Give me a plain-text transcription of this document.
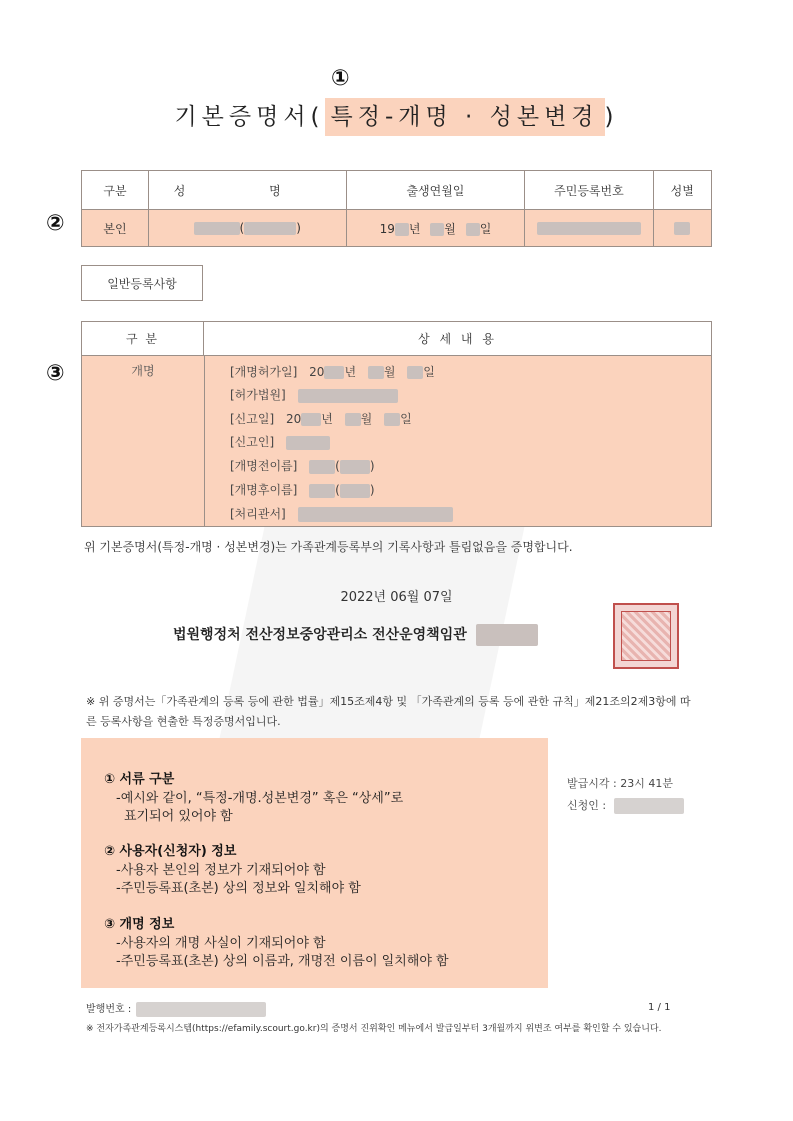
①
기본증명서( 특정-개명 · 성본변경 )
②
구분	성 명	출생연월일	주민등록번호	성별
본인	( )	19 년 월 일		
일반등록사항
③
구 분	상 세 내 용
개명	[개명허가일] 20 년 월 일
[허가법원]
[신고일] 20 년 월 일
[신고인]
[개명전이름]	(	)
[개명후이름]	(	)
[처리관서]
위 기본증명서(특정-개명 · 성본변경)는 가족관계등록부의 기록사항과 틀림없음을 증명합니다.
2022년 06월 07일
법원행정처 전산정보중앙관리소 전산운영책임관
※ 위 증명서는「가족관계의 등록 등에 관한 법률」제15조제4항 및 「가족관계의 등록 등에 관한 규칙」제21조의2제3항에 따른 등록사항을 현출한 특정증명서입니다.
① 서류 구분
-예시와 같이, “특정-개명.성본변경” 혹은 “상세”로
표기되어 있어야 함
② 사용자(신청자) 정보
-사용자 본인의 정보가 기재되어야 함
-주민등록표(초본) 상의 정보와 일치해야 함
③ 개명 정보
-사용자의 개명 사실이 기재되어야 함
-주민등록표(초본) 상의 이름과, 개명전 이름이 일치해야 함
발급시각 : 23시 41분
신청인 :
발행번호 :	1 / 1
※ 전자가족관계등록시스템(https://efamily.scourt.go.kr)의 증명서 진위확인 메뉴에서 발급일부터 3개월까지 위변조 여부를 확인할 수 있습니다.
